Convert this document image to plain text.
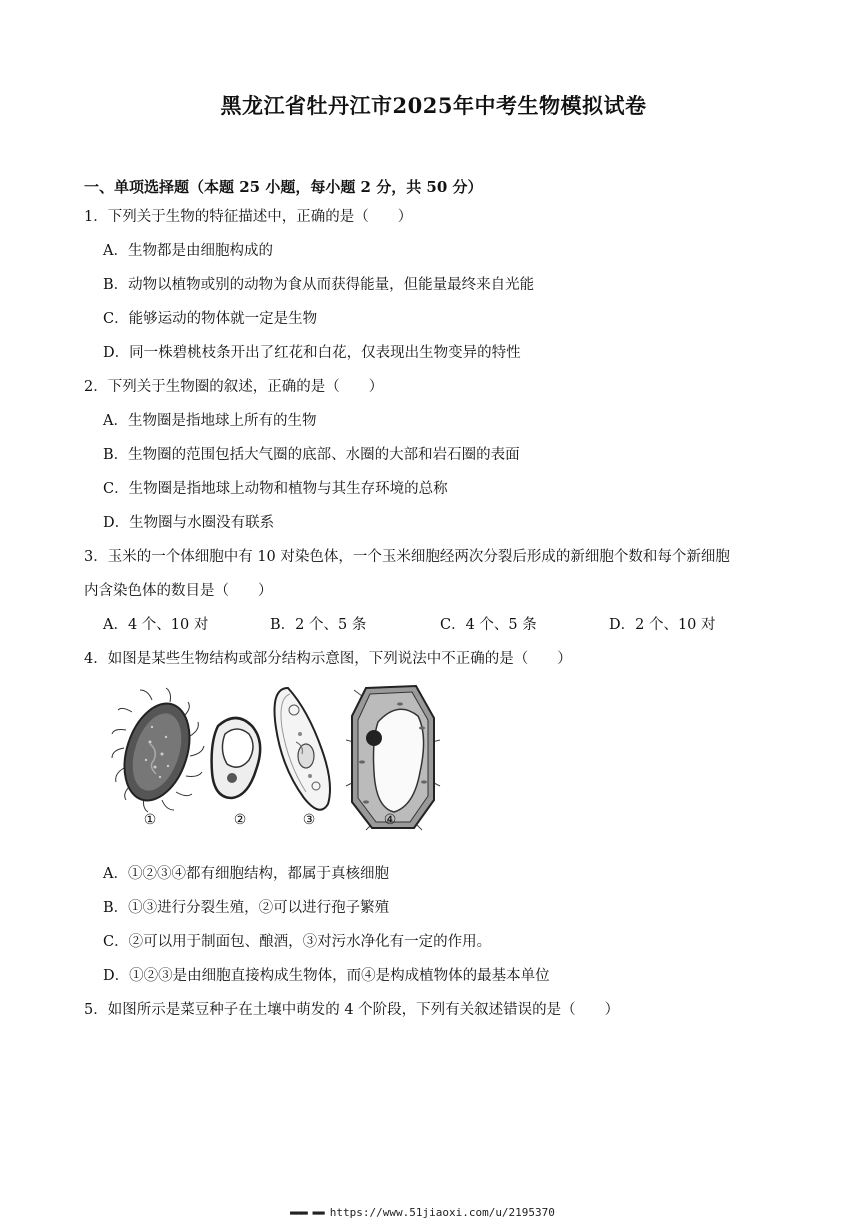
黑龙江省牡丹江市2025年中考生物模拟试卷
一、单项选择题（本题 25 小题，每小题 2 分，共 50 分）
1．下列关于生物的特征描述中，正确的是（　　）
A．生物都是由细胞构成的
B．动物以植物或别的动物为食从而获得能量，但能量最终来自光能
C．能够运动的物体就一定是生物
D．同一株碧桃枝条开出了红花和白花，仅表现出生物变异的特性
2．下列关于生物圈的叙述，正确的是（　　）
A．生物圈是指地球上所有的生物
B．生物圈的范围包括大气圈的底部、水圈的大部和岩石圈的表面
C．生物圈是指地球上动物和植物与其生存环境的总称
D．生物圈与水圈没有联系
3．玉米的一个体细胞中有 10 对染色体，一个玉米细胞经两次分裂后形成的新细胞个数和每个新细胞
内含染色体的数目是（　　）
A．4 个、10 对	B．2 个、5 条	C．4 个、5 条	D．2 个、10 对
4．如图是某些生物结构或部分结构示意图，下列说法中不正确的是（　　）
①	②	③	④
A．①②③④都有细胞结构，都属于真核细胞
B．①③进行分裂生殖，②可以进行孢子繁殖
C．②可以用于制面包、酿酒，③对污水净化有一定的作用。
D．①②③是由细胞直接构成生物体，而④是构成植物体的最基本单位
5．如图所示是菜豆种子在土壤中萌发的 4 个阶段，下列有关叙述错误的是（　　）
▬▬▬ ▬▬ https://www.51jiaoxi.com/u/2195370
